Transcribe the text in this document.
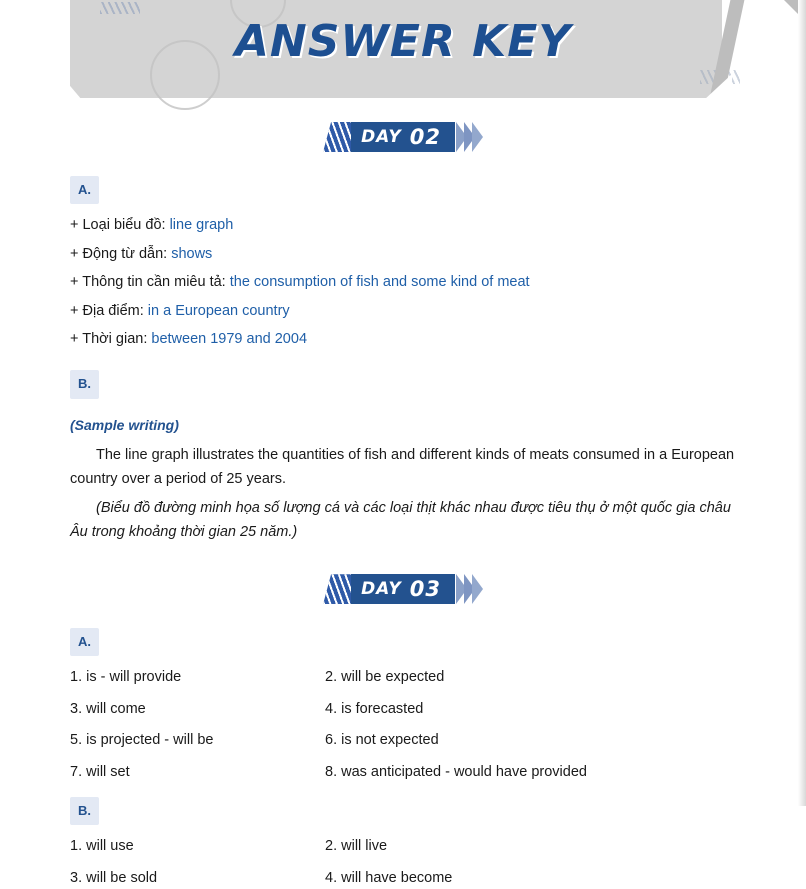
ANSWER KEY
DAY 02
A.
+ Loại biểu đồ: line graph
+ Động từ dẫn: shows
+ Thông tin cần miêu tả: the consumption of fish and some kind of meat
+ Địa điểm: in a European country
+ Thời gian: between 1979 and 2004
B.
(Sample writing)
The line graph illustrates the quantities of fish and different kinds of meats consumed in a European country over a period of 25 years.
(Biểu đồ đường minh họa số lượng cá và các loại thịt khác nhau được tiêu thụ ở một quốc gia châu Âu trong khoảng thời gian 25 năm.)
DAY 03
A.
1. is - will provide	2. will be expected
3. will come	4. is forecasted
5. is projected - will be	6. is not expected
7. will set	8. was anticipated - would have provided
B.
1. will use	2. will live
3. will be sold	4. will have become
